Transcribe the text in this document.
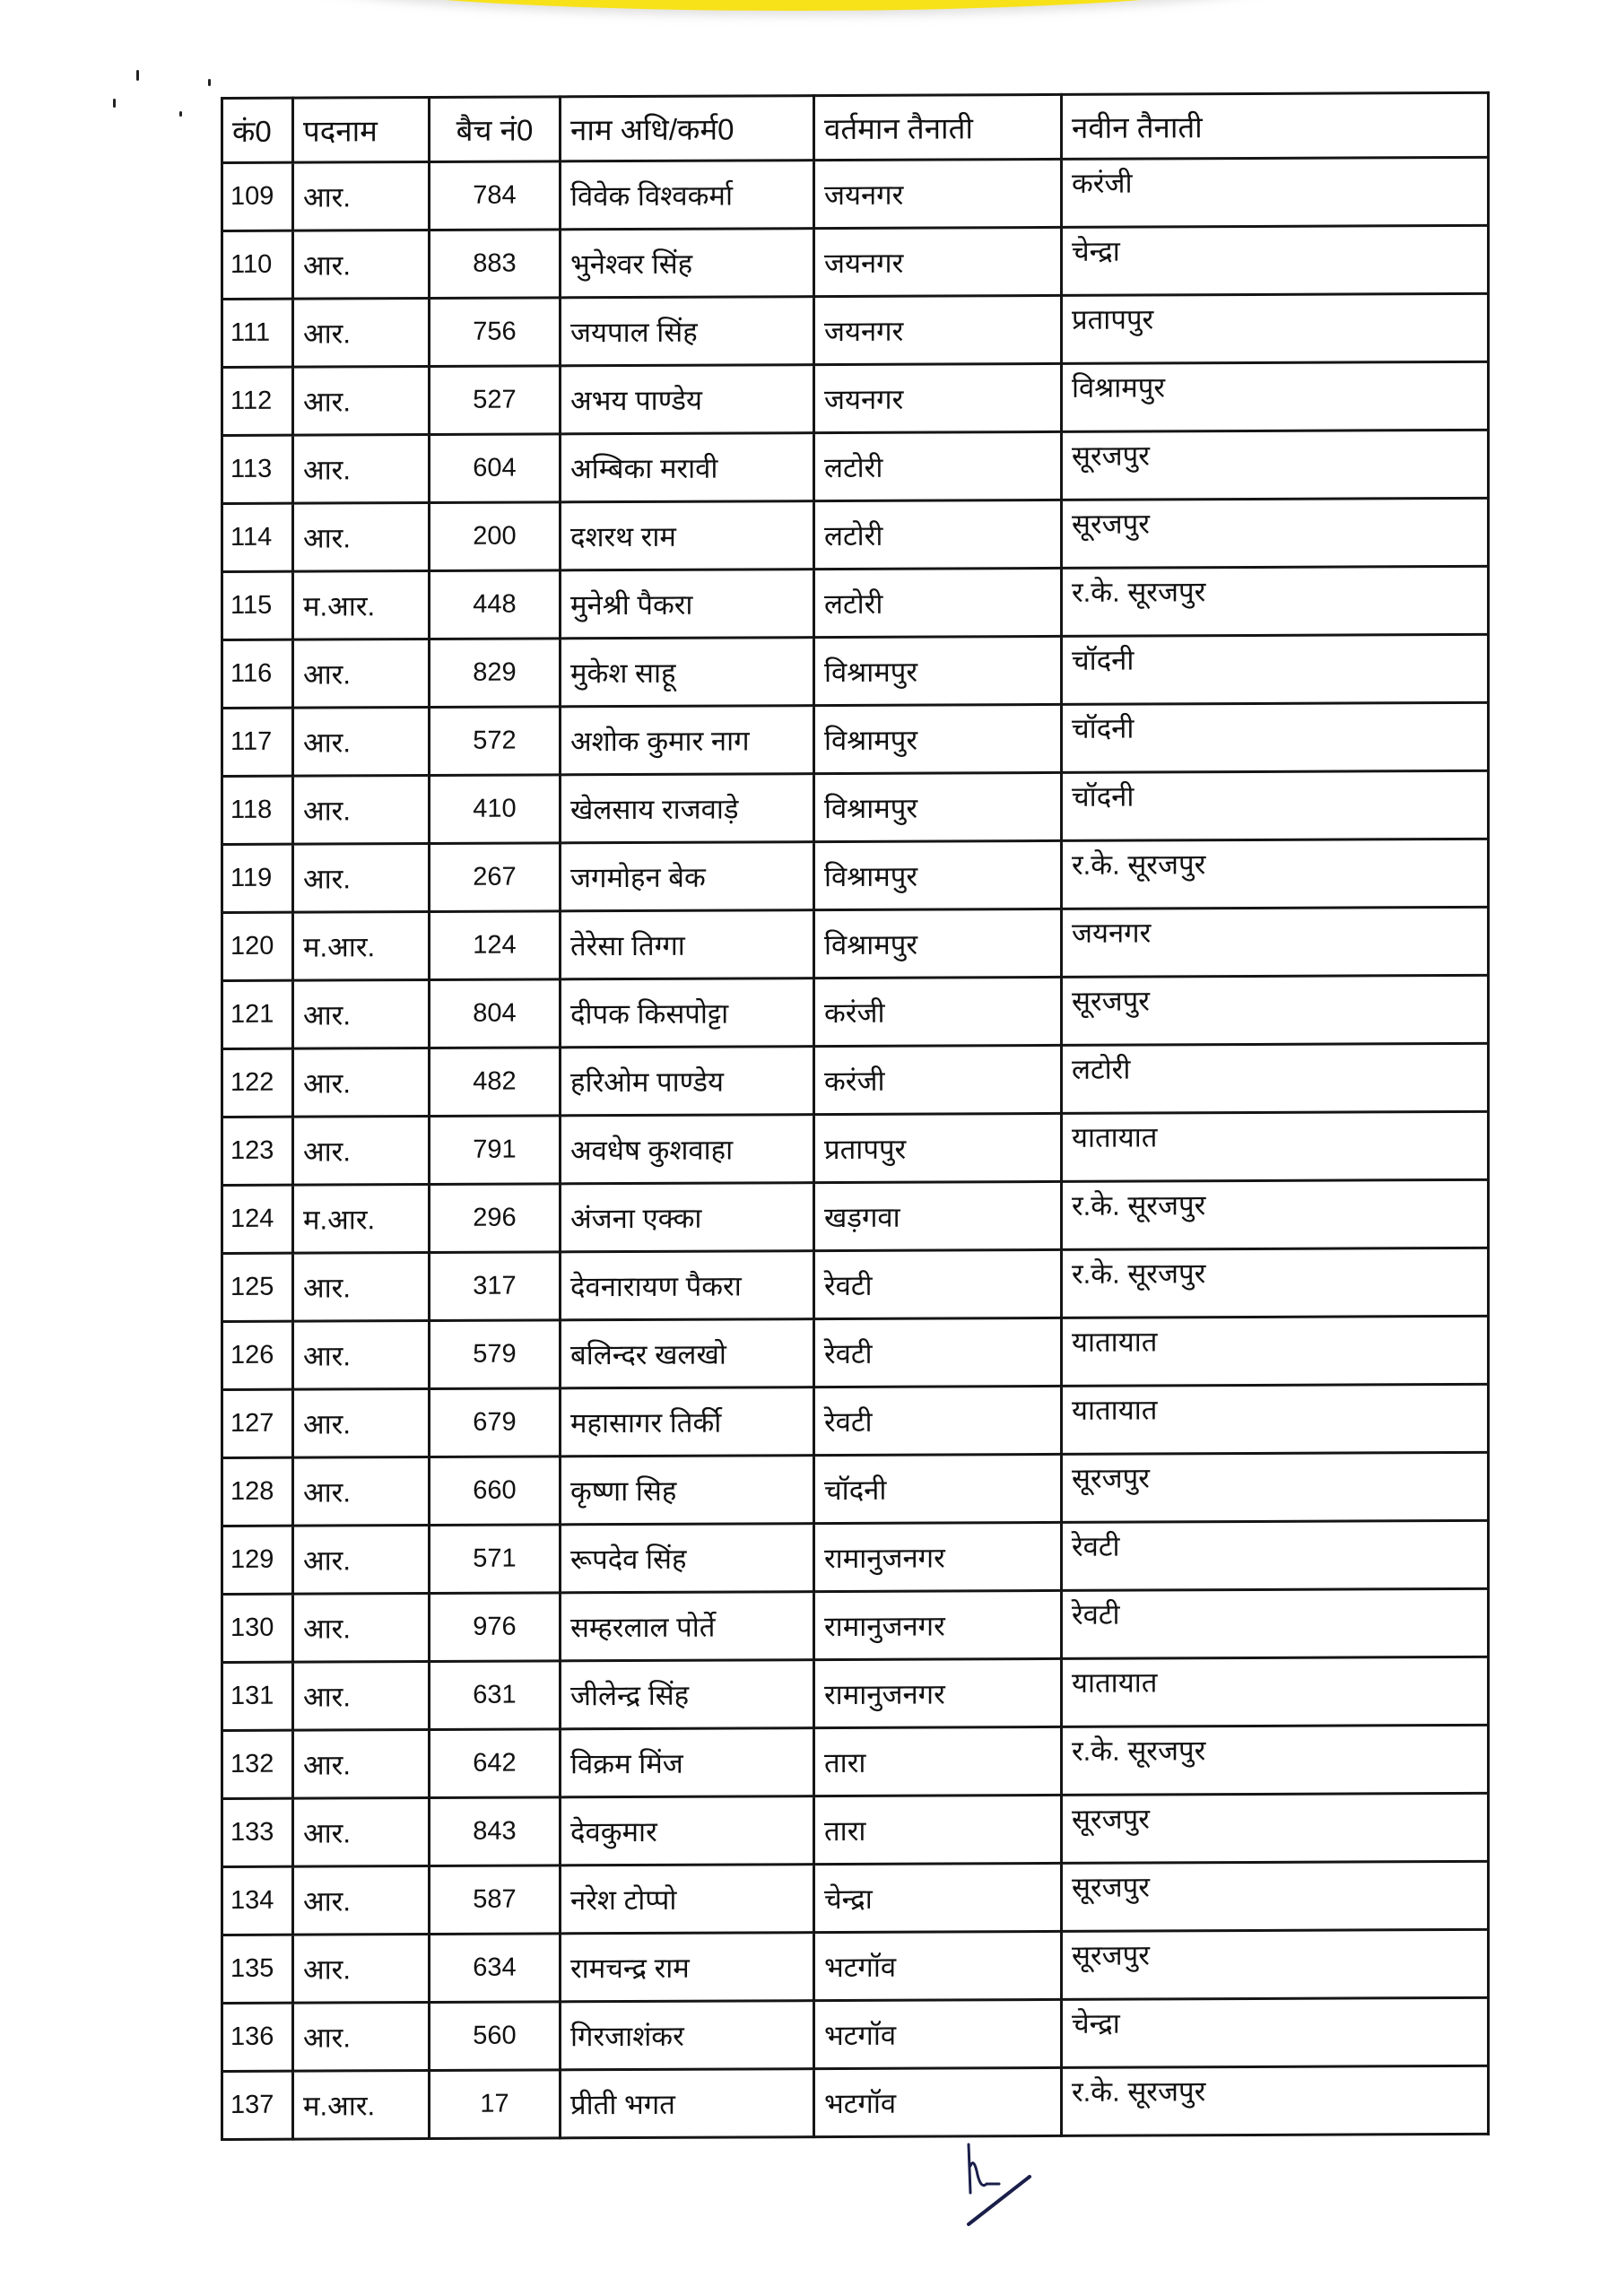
कं0	पदनाम	बैच नं0	नाम अधि/कर्म0	वर्तमान तैनाती	नवीन तैनाती
109	आर.	784	विवेक विश्वकर्मा	जयनगर	करंजी
110	आर.	883	भुनेश्वर सिंह	जयनगर	चेन्द्रा
111	आर.	756	जयपाल सिंह	जयनगर	प्रतापपुर
112	आर.	527	अभय पाण्डेय	जयनगर	विश्रामपुर
113	आर.	604	अम्बिका मरावी	लटोरी	सूरजपुर
114	आर.	200	दशरथ राम	लटोरी	सूरजपुर
115	म.आर.	448	मुनेश्री पैकरा	लटोरी	र.के. सूरजपुर
116	आर.	829	मुकेश साहू	विश्रामपुर	चॉदनी
117	आर.	572	अशोक कुमार नाग	विश्रामपुर	चॉदनी
118	आर.	410	खेलसाय राजवाड़े	विश्रामपुर	चॉदनी
119	आर.	267	जगमोहन बेक	विश्रामपुर	र.के. सूरजपुर
120	म.आर.	124	तेरेसा तिग्गा	विश्रामपुर	जयनगर
121	आर.	804	दीपक किसपोट्टा	करंजी	सूरजपुर
122	आर.	482	हरिओम पाण्डेय	करंजी	लटोरी
123	आर.	791	अवधेष कुशवाहा	प्रतापपुर	यातायात
124	म.आर.	296	अंजना एक्का	खड़गवा	र.के. सूरजपुर
125	आर.	317	देवनारायण पैकरा	रेवटी	र.के. सूरजपुर
126	आर.	579	बलिन्दर खलखो	रेवटी	यातायात
127	आर.	679	महासागर तिर्की	रेवटी	यातायात
128	आर.	660	कृष्णा सिह	चॉदनी	सूरजपुर
129	आर.	571	रूपदेव सिंह	रामानुजनगर	रेवटी
130	आर.	976	सम्हरलाल पोर्ते	रामानुजनगर	रेवटी
131	आर.	631	जीलेन्द्र सिंह	रामानुजनगर	यातायात
132	आर.	642	विक्रम मिंज	तारा	र.के. सूरजपुर
133	आर.	843	देवकुमार	तारा	सूरजपुर
134	आर.	587	नरेश टोप्पो	चेन्द्रा	सूरजपुर
135	आर.	634	रामचन्द्र राम	भटगॉव	सूरजपुर
136	आर.	560	गिरजाशंकर	भटगॉव	चेन्द्रा
137	म.आर.	17	प्रीती भगत	भटगॉव	र.के. सूरजपुर
